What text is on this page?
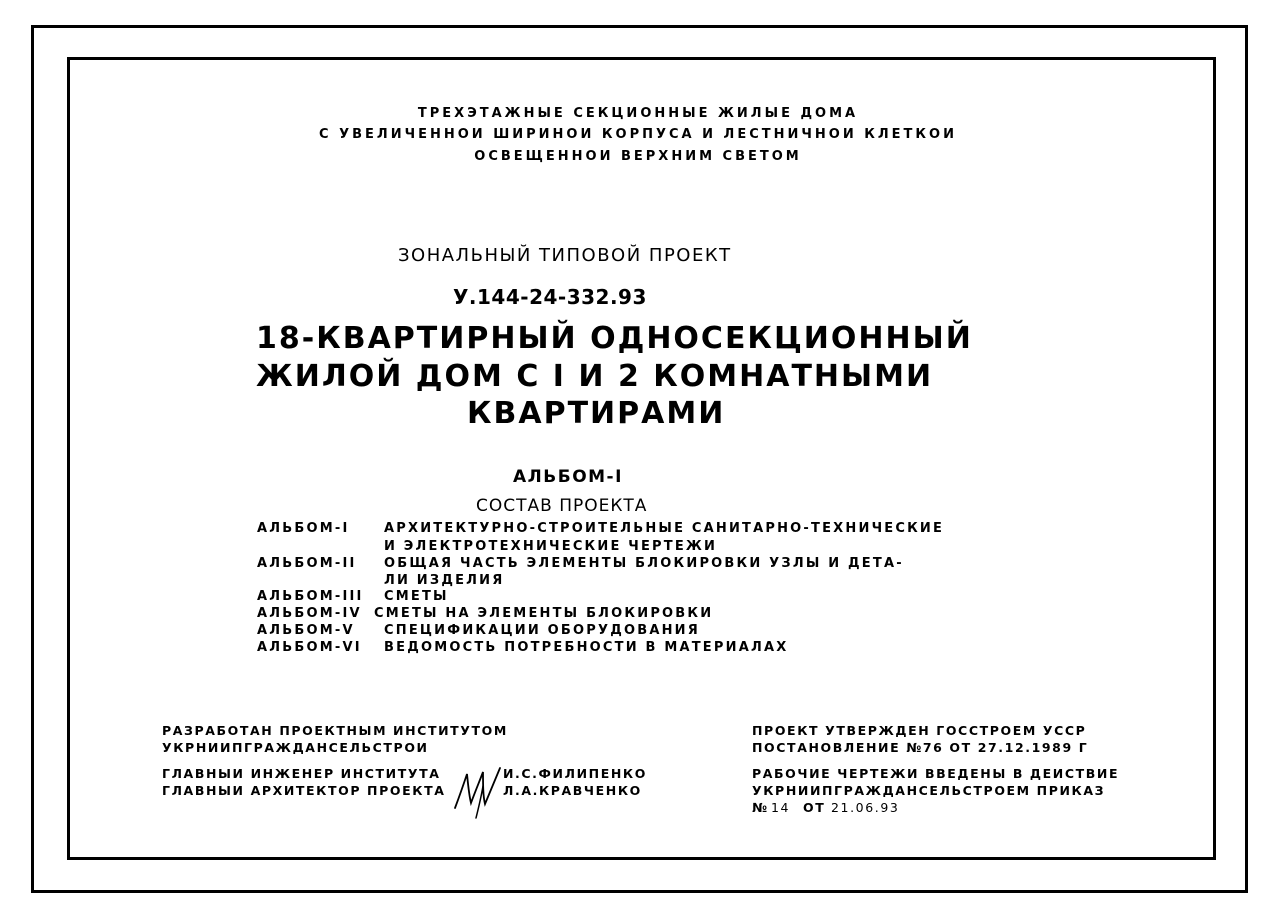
ТРЕХЭТАЖНЫЕ СЕКЦИОННЫЕ ЖИЛЫЕ ДОМА
С УВЕЛИЧЕННОИ ШИРИНОИ КОРПУСА И ЛЕСТНИЧНОИ КЛЕТКОИ
ОСВЕЩЕННОИ ВЕРХНИМ СВЕТОМ
ЗОНАЛЬНЫЙ ТИПОВОЙ ПРОЕКТ
У.144-24-332.93
18-КВАРТИРНЫЙ ОДНОСЕКЦИОННЫЙ
ЖИЛОЙ ДОМ С I И 2 КОМНАТНЫМИ
КВАРТИРАМИ
АЛЬБОМ-I
СОСТАВ ПРОЕКТА
АЛЬБОМ-I	АРХИТЕКТУРНО-СТРОИТЕЛЬНЫЕ САНИТАРНО-ТЕХНИЧЕСКИЕ
И ЭЛЕКТРОТЕХНИЧЕСКИЕ ЧЕРТЕЖИ
АЛЬБОМ-II ОБЩАЯ ЧАСТЬ ЭЛЕМЕНТЫ БЛОКИРОВКИ УЗЛЫ И ДЕТА-
ЛИ ИЗДЕЛИЯ
АЛЬБОМ-III СМЕТЫ
АЛЬБОМ-IV СМЕТЫ НА ЭЛЕМЕНТЫ БЛОКИРОВКИ
АЛЬБОМ-V СПЕЦИФИКАЦИИ ОБОРУДОВАНИЯ
АЛЬБОМ-VI ВЕДОМОСТЬ ПОТРЕБНОСТИ В МАТЕРИАЛАХ
РАЗРАБОТАН ПРОЕКТНЫМ ИНСТИТУТОМ
УКРНИИПГРАЖДАНСЕЛЬСТРОИ
ГЛАВНЫИ ИНЖЕНЕР ИНСТИТУТА
ГЛАВНЫИ АРХИТЕКТОР ПРОЕКТА
И.С.ФИЛИПЕНКО
Л.А.КРАВЧЕНКО
ПРОЕКТ УТВЕРЖДЕН ГОССТРОЕМ УССР
ПОСТАНОВЛЕНИЕ №76 ОТ 27.12.1989 Г
РАБОЧИЕ ЧЕРТЕЖИ ВВЕДЕНЫ В ДЕИСТВИЕ
УКРНИИПГРАЖДАНСЕЛЬСТРОЕМ ПРИКАЗ
№ 14 ОТ 21.06.93
